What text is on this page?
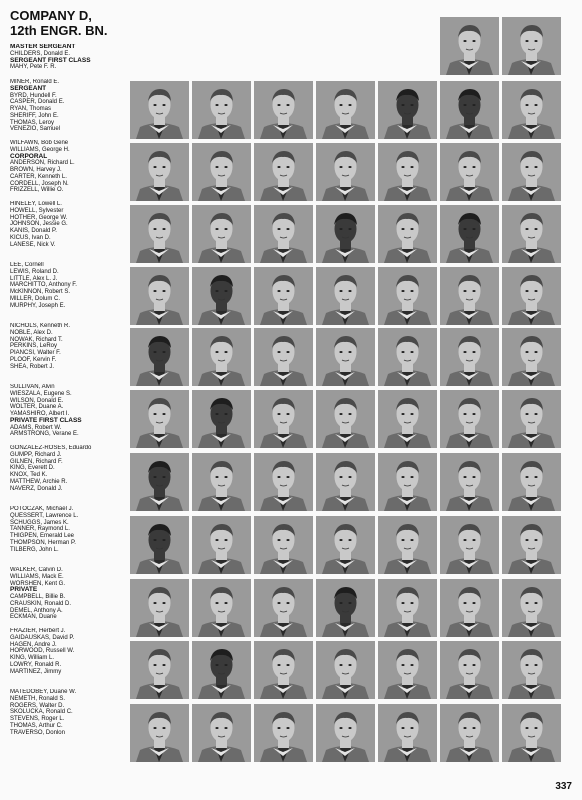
COMPANY D,
12th ENGR. BN.
MASTER SERGEANT
CHILDERS, Donald E.
SERGEANT FIRST CLASS
MAHY, Pete F. R.
MINER, Ronald E.
SERGEANT
BYRD, Hundell F.
CASPER, Donald E.
RYAN, Thomas
SHERIFF, John E.
THOMAS, Leroy
VENEZIO, Samuel
WILFAWN, Bob Gene
WILLIAMS, George H.
CORPORAL
ANDERSON, Richard L.
BROWN, Harvey J.
CARTER, Kenneth L.
CORDELL, Joseph N.
FRIZZELL, Willie O.
HINELEY, Lowell L.
HOWELL, Sylvester
HOTHER, George W.
JOHNSON, Jessie G.
KANIS, Donald P.
KICUS, Ivan D.
LANESE, Nick V.
LEE, Cornell
LEWIS, Roland D.
LITTLE, Alex L. J.
MARCHITTO, Anthony F.
McKINNON, Robert S.
MILLER, Dolum C.
MURPHY, Joseph E.
NICHOLS, Kenneth R.
NOBLE, Alex D.
NOWAK, Richard T.
PERKINS, LeRoy
PIANCSI, Walter F.
PLOOF, Kervin F.
SHEA, Robert J.
SULLIVAN, Alvin
WIESZALA, Eugene S.
WILSON, Donald E.
WOLTER, Duane A.
YAMASHIRO, Albert I.
PRIVATE FIRST CLASS
ADAMS, Robert W.
ARMSTRONG, Verane E.
GONZALEZ-ROSES, Eduardo
GUMPP, Richard J.
GILNEN, Richard F.
KING, Everett D.
KNOX, Ted K.
MATTHEW, Archie R.
NAVERZ, Donald J.
POTOCZAK, Michael J.
QUESSERT, Lawrence L.
SCHUGGS, James K.
TANNER, Raymond L.
THIGPEN, Emerald Lee
THOMPSON, Herman P.
TILBERG, John L.
WALKER, Calvin D.
WILLIAMS, Mack E.
WORSHEN, Kent G.
PRIVATE
CAMPBELL, Billie B.
CRAUSKIN, Ronald D.
DEMEL, Anthony A.
ECKMAN, Duane
FRAZIER, Herbert J.
GAIDAUSKAS, David P.
HAGEN, Andre J.
HORWOOD, Russell W.
KING, William L.
LOWRY, Ronald R.
MARTINEZ, Jimmy
MATEDOBEY, Duane W.
NEMETH, Ronald S.
ROGERS, Walter D.
SKOLUCKA, Ronald C.
STEVENS, Roger L.
THOMAS, Arthur C.
TRAVERSO, Donlon
337
